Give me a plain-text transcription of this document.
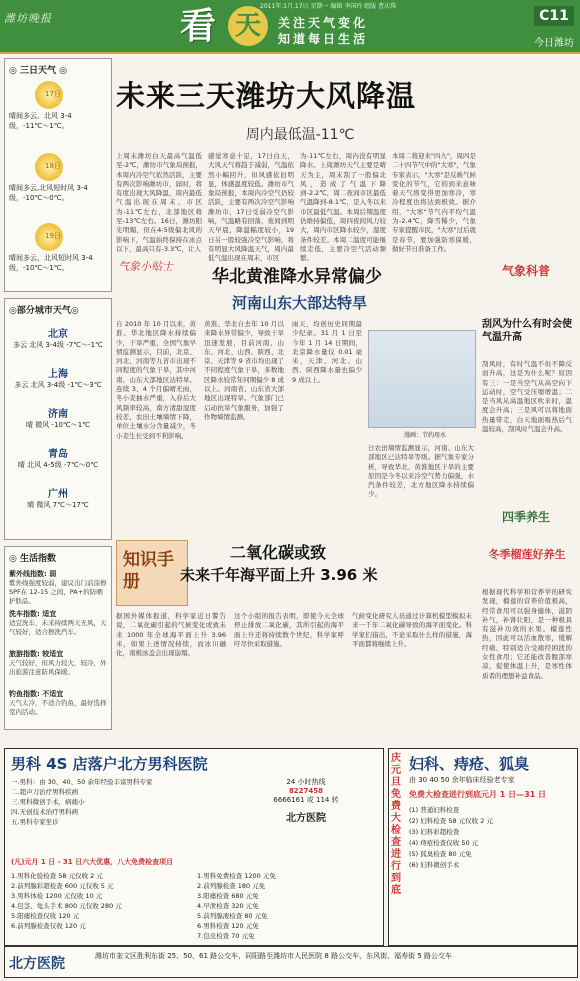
2011年.1月.17日 星期一 编辑 李国玲 组版 曹庆珠
潍坊晚报	看 天	关注天气变化
知道每日生活
C11
今日潍坊
◎ 三日天气 ◎
17日
晴间多云，北风 3-4 级，-11℃～1℃。
18日
晴间多云,北风短时风 3-4级，-10℃～0℃。
19日
晴间多云，北风短时风 3-4 级，-10℃～1℃。
◎部分城市天气◎
北京
多云 北风 3-4级 -7℃～-1℃
上海
多云 北风 3-4级 -1℃～3℃
济南
晴 微风 -10℃～1℃
青岛
晴 北风 4-5级 -7℃～0℃
广州
晴 微风 7℃～17℃
◎ 生活指数
紫外线指数: 弱
紫外线强度较弱，建议出门前涂擦 SPF在 12-15 之间、PA+的防晒护肤品。
洗车指数: 适宜
适宜洗车，未来持续两天无风，天气较好，适合擦洗汽车。
旅游指数: 较适宜
天气较好，但风力较大，较冷，外出旅游注意防风保暖。
钓鱼指数: 不适宜
天气太冷，不适合钓鱼，最好选择室内活动。
未来三天潍坊大风降温
周内最低温-11℃
上周末潍坊白天最高气温低至-2℃，潍坊市气象局预报，本周内冷空气依然活跃，主要有两次影响潍坊市，届时，将有度出现大风降温，周内最低气温出现在周末，市区为-11℃左右，北部地区将至-13℃左右。16日，潍坊阳光明媚，但在4-5级偏北风的影响下，气温始终保持在冰点以下，最高只有-3.3℃，让人
感觉寒意十足，17日白天，大风天气将趋于减弱，气温依然小幅回升，但风感依旧明显，体感温度较低。潍坊市气象局预报，本周内冷空气仍较活跃，主要有两次冷空气影响潍坊市，17日受弱冷空气影响，气温略有回落，夜间到明天早晨，降温幅度较小，19日另一股较强冷空气影响，将有明显大风降温天气，周内最低气温出现在周末，市区
为-11℃左右，周内没有明显降水。上周潍坊天气主要是晴天为主，周末刮了一股偏北风，造成了气温下降到-2.2℃，周二夜间市区最低气温降到-8.1℃，是入冬以来市区最低气温。本周后期温度仍维持偏低，周四夜间风力较大，周内市区降水较少，湿度条件较差。本周二温度可能继续走低，主要冷空气活动频繁。
本周二将迎来"四九"，周四是二十四节气中的"大寒"，气象专家表示，"大寒"是反映气候变化的节气，它的到来意味着天气将变得更加寒冷，寒冷程度也将达到极致。据介绍，"大寒"节气内平均气温为-2.4℃，降雪稀少，气象专家提醒市民，"大寒"过后就是春节，要加强防寒保暖，做好节日准备工作。
气象科普
刮风为什么有时会使气温升高
刮风时，有时气温不但不降反而升高，这是为什么呢？原因有三：一是当空气从高空向下运动时，空气受压缩增温；二是当风从高温地区吹来时，温度会升高；三是风可以将地面热量带走，白天地面吸热后气温较高，刮风时气温会升高。
四季养生
冬季榴莲好养生
根据现代科学和营养学的研究发现，榴莲的营养价值极高，经常食用可以强身健体，滋阴补气，补肾壮阳，是一种极具有滋补功效的水果。榴莲性热，因此可以活血散寒，缓解经痛，特别适合受痛经困扰的女性食用；它还能改善腹部寒凉，促使体温上升，是寒性体质者的理想补益食品。
气象小贴士
华北黄淮降水异常偏少
河南山东大部达特旱
自 2010 年 10 月以来，黄淮、华北地区降水持续偏少，干旱严重，全国气象早情监测显示，目前，北京、河北、河南等九省市出现不同程度的气象干旱，其中河南、山东大部地区达特旱。连续 3、4 个月偏晴无雨，冬小麦抽水严重，入春后大风频率较高，南方清甜湿度较差，农田土壤墒情下降，单位土壤水分含量减少，冬小麦生长受到不利影响。
黄淮、华北自去年 10 月以来降水异常偏少，导致干旱迅速发展，目前河南、山东、河北、山西、陕西、北京、天津等 9 省市均出现了不同程度气象干旱，多数地区降水较常年同期偏少 8 成以上。河南省、山东省大部地区出现特旱。气象部门已启动抗旱气象服务，加强了作物墒情监测。
雨天，均创历史同期最少纪录。31 月 1 日至今年 1 月 14 日期间，北京降水量仅 0.01 毫米，天津、河北、山西、陕西降水量也偏少 9 成以上。
漫画：节约用水
日农田墒情监测显示，河南、山东大部地区已达特旱等级。据气象专家分析，导致华北、黄淮地区干旱的主要原因是今冬以来冷空气势力偏强，水汽条件较差，北方地区降水持续偏少。
知识手册
二氧化碳或致
未来千年海平面上升 3.96 米
据国外媒体报道，科学家近日警告说，二氧化碳引起的气候变化或致未来 1000 年全球海平面上升 3.96 米，如果上述情况持续，而冰川融化，南极冰盖会出现崩塌。
这个小组的报告表明，即使今天全球停止排放二氧化碳，其所引起的海平面上升还将持续数个世纪，科学家呼吁尽快采取措施。
气候变化研究人员通过计算机模型模拟未来一千年二氧化碳导致的海平面变化。科学家们指出，不论采取什么样的措施，海平面都将继续上升。
男科 4S 店落户北方男科医院
一.男科：由 30、40、50 余年经验丰富男科专家
二.超声刀治疗男科疾病
三.男科微创手术，病痛小
四.无创技术治疗男科病
五.男科专家坐诊
24 小时热线
8227458
6666161 或 114 转
北方医院
(凡)元月 1 日 - 31 日六大优惠，八大免费检查项目
1.男科化验检查 58 元仅收 2 元
2.前列腺彩超检查 600 元仅收 5 元
3.男科体检 1200 元仅收 10 元
4.包茎、龟头手术 800 元仅收 280 元
5.阳痿检查仅收 120 元
6.前列腺检查仅收 120 元
1.男科免费检查 1200 元免
2.前列腺检查 180 元免
3.阳痿检查 680 元免
4.早泄检查 320 元免
5.前列腺液检查 80 元免
6.男科检查 120 元免
7.包皮检查 70 元免
庆元旦 免费大检查 进行到底
妇科、痔疮、狐臭
由 30 40 50 余年临床经验老专家
免费大检查进行到底元月 1 日—31 日
(1) 普通妇科检查
(2) 妇科检查 58 元仅收 2 元
(3) 妇科彩超检查
(4) 痔疮检查仅收 50 元
(5) 狐臭检查 80 元免
(6) 妇科微创手术
北方医院	潍坊市奎文区胜利东街 25、50、61 路公交车，同阳路至潍坊市人民医院 8 路公交车，东风街、福寿街 5 路公交车
